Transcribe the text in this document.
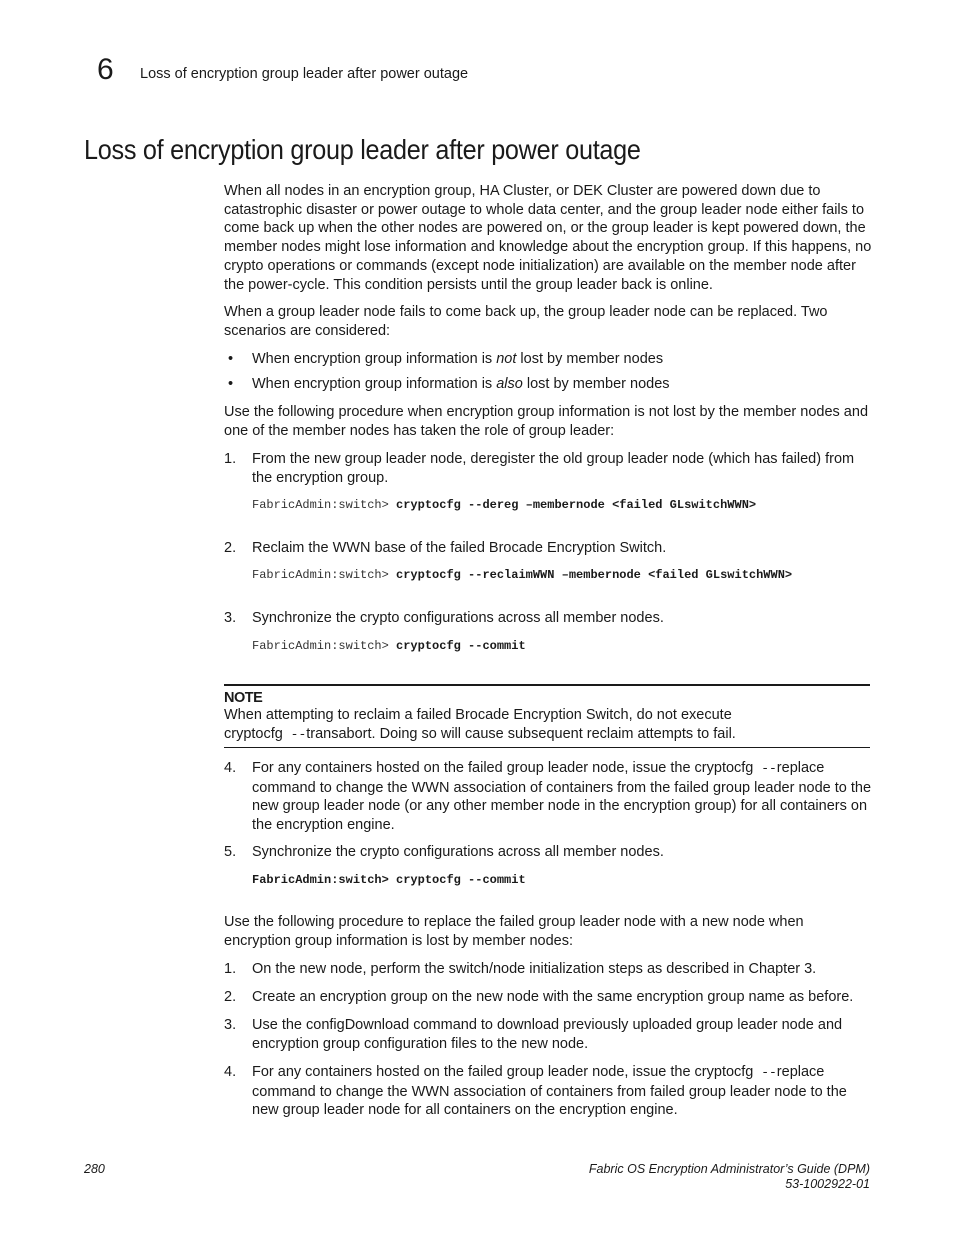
6 Loss of encryption group leader after power outage
Loss of encryption group leader after power outage

When all nodes in an encryption group, HA Cluster, or DEK Cluster are powered down due to catastrophic disaster or power outage to whole data center, and the group leader node either fails to come back up when the other nodes are powered on, or the group leader is kept powered down, the member nodes might lose information and knowledge about the encryption group. If this happens, no crypto operations or commands (except node initialization) are available on the member node after the power-cycle. This condition persists until the group leader back is online.

When a group leader node fails to come back up, the group leader node can be replaced. Two scenarios are considered:

•	When encryption group information is not lost by member nodes
•	When encryption group information is also lost by member nodes

Use the following procedure when encryption group information is not lost by the member nodes and one of the member nodes has taken the role of group leader:

1.	From the new group leader node, deregister the old group leader node (which has failed) from the encryption group.
FabricAdmin:switch> cryptocfg --dereg –membernode <failed GLswitchWWN>
2.	Reclaim the WWN base of the failed Brocade Encryption Switch.
FabricAdmin:switch> cryptocfg --reclaimWWN –membernode <failed GLswitchWWN>
3.	Synchronize the crypto configurations across all member nodes.
FabricAdmin:switch> cryptocfg --commit
NOTE
When attempting to reclaim a failed Brocade Encryption Switch, do not execute
cryptocfg --transabort. Doing so will cause subsequent reclaim attempts to fail.
4.	For any containers hosted on the failed group leader node, issue the cryptocfg --replace command to change the WWN association of containers from the failed group leader node to the new group leader node (or any other member node in the encryption group) for all containers on the encryption engine.
5.	Synchronize the crypto configurations across all member nodes.
FabricAdmin:switch> cryptocfg --commit

Use the following procedure to replace the failed group leader node with a new node when encryption group information is lost by member nodes:

1.	On the new node, perform the switch/node initialization steps as described in Chapter 3.
2.	Create an encryption group on the new node with the same encryption group name as before.
3.	Use the configDownload command to download previously uploaded group leader node and encryption group configuration files to the new node.
4.	For any containers hosted on the failed group leader node, issue the cryptocfg --replace command to change the WWN association of containers from failed group leader node to the new group leader node for all containers on the encryption engine.
280	Fabric OS Encryption Administrator’s Guide (DPM)
53-1002922-01
